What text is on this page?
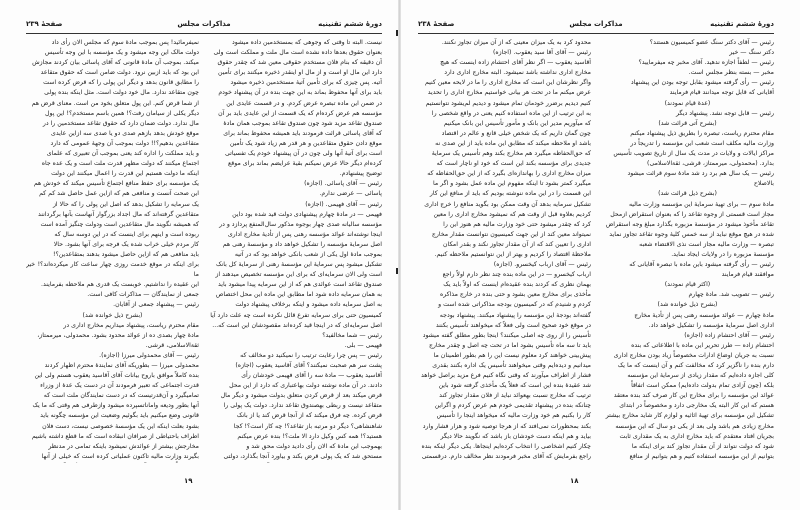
دورهٔ ششم تقنینیه
مذاکرات مجلس
صفحهٔ ۲۳۹

نیست. البته تا وقتی که وجوهی که بمستخدمین داده میشود

بعنوان حقوق بعدها داده نشده است مال ملت و مملکت است ولی

آن دقیقه که بنام فلان مستخدم حقوقی معین شد که چقدر حقوق

دارد این مال او است و از مال او اینقدر ذخیره میکنند برای تأمین

آتیه. پس چیزی که برای تأمین آتیهٔ مستخدمین ذخیره میشود

باید برای آنها محفوظ بماند به این جهت بنده در آن پیشنهاد خودم

در ضمن این ماده تبصره عرض کردم. و در قسمت عایدی این

مؤسسه هم عرض کرده‌ام که یک قسمت از این عایدی باید بر آن

صندوق تقاعد مزید شود چون صندوق تقاعد بموجب همان مادهٔ

که آقای پاسائی قرائت فرمودند باید همیشه محفوظ بماند برای

موقع دادن حقوق متقاعدین و هر قدر هم زیاد شود یک تأمین

است برای آتیهٔ آنها ولی چون در آن پیشنهاد خودم یک تفسیاتی

کرده‌ام دیگر حالا عرض نمیکنم بقیهٔ عرایضم بماند برای موقع

توضیح پیشنهادم.

رئیس — آقای پاسائی. (اجازه)

پاسائی — عرضی ندارم.

رئیس — آقای فهیمی. (اجازه)

فهیمی — در مادهٔ چهارم پیشنهادی دولت قید شده بود داین

مؤسسه سالیانه صدی چهار بوجوه مذکور سال‌المنفع پردازد و در

اینجا نوشته‌اند عوائد مؤسسه رهنی پس از تأدیهٔ مخارج اداری

اصل سرمایهٔ مؤسسه را تشکیل خواهد داد و مؤسسهٔ رهنی هم

بموجب مادهٔ اول یکی از شعب بانکی خواهد بود که در آتیه

تشکیل میشود پس سرمایهٔ این مؤسسهٔ رهنی از سرمایهٔ کل بانک

است ولی الان سرمایه‌ای که برای این مؤسسه تخصیص میدهند از

صندوق تقاعد است عوائدی هم که از این سرمایه پیدا میشود باید

به همان سرمایه داده شود اما مطابق این ماده این محل اختصاص

به اصل سرمایه داده میشود و اینکه برخلاف پیشنهاد دولت

کمیسیون حتی برای سرمایه تفرع قائل نکرده است چه علت دارد آیا

اصل سرمایه‌ای که در اینجا قید کرده‌اند مقصودشان این است که...

رئیس — شما مخالفید؟

فهیمی — بلی.

رئیس — پس چرا رعایت ترتیب را نمیکنید دو مخالف که

پشت سر هم صحبت نمیکنند؟ آقای آقاسید یعقوب (اجازه)

آقاسید یعقوب — مادهٔ سه را آقای فهیمی خودشان رأی

دادند. در آن ماده نوشته دولت بهاعتباری که دارد از این محل

قرض میکند بعد از قرض کردن متعلق بدولت میشود و دیگر مال

متقاعد نیست و ربطی بهصندوق تقاعد ندارد. دولت یک پولی را

قرض کرده. چه فرق میکند که از آنجا قرض کند یا از بانک

شاهنشاهی؟ دیگر دو مرتبه باز تقاعد؟! چه کار است؟! کجا

هستید؟! همه کس وکیل دارد الا ملت؟! بنده عرض میکنم

بهموجب این مادهٔ که الان رأی دادید دولت محق شد و

مستحق شد که یک پولی قرض بکند و بیاورد آنجا بگذارد، دولتی

نمیفرمائید! پس بموجب مادهٔ سوم که مجلس الان رأی داد

دولت مالک این وجه میشود و یک مؤسسه با این وجه تأسیس

میکند. بموجب آن مادهٔ قانونی که آقای پاسائی بیان کردند مجازش

این بود که باید ازبین نرود. دولت ضامن است که حقوق متقاعد

را مطابق قانون بدهد و دیگر این پولی را که قرض کرده است

چون متقاعد ندارد. مال خود دولت است. مثل اینکه بنده پولی

از شما قرض کنم. این پول متعلق بخود من است. معنای قرض هم

دیگر یکلی از سیامان رفت؟! همین باسم مستخدم؟! این پول

مال ندارد. دولت ضمان دارد که حقوق تقاعد مستخدمین را در

موقع خودش بدهد بازهم صدی دو یا صدی سه ازاین عایدی

متقاعدین بدهیم؟!! دولت بموجب آن وجههٔ عمومی که دارد

و باید مملکت را اداره کند یعنی بموجب آن تعبیری که علمای

اجتماع میکنند که دولت مظهر قدرت ملت است و یک عده جاه

اینکه ما دولت هستیم این قدرت را اعمال میکنند این دولت

یک مؤسسه برای حفظ منافع اجتماع تأسیس میکند که خودش هم

این صحت آنست و منافعی هم که ازاین عمل حاصل شد کم کم

یک سرمایه را تشکیل بدهد که اصل این پولی را که حالا از

متقاعدین گرفته‌اند که مال اجداد بزرگوار آنهاست بآنها برگردانند

که همیشه نگویند مال متقاعدین است ودولت چنگیز آمده است

ربوده است و اینهم برای اینست که در این دوسه سال که

کار مردم خیلی خراب شده یک فرجه برای آنها بشود. حالا

باید منافعی هم که ازاین حاصل میشود بدهند بمتقاعدین؟!

برای اینکه در موقع خدمت روزی چهار ساعت کار میکرده‌اند؟! خیر ما

این عقیده را نداشتیم. خوبست یک قدری هم ملاحظه بفرمایند.

جمعی از نمایندگان — مذاکرات کافی است.

رئیس — پیشنهاد جمعی از آقایان.

(بشرح ذیل خوانده شد)

مقام محترم ریاست، پیشنهاد میداریم مخارج اداری در

مادهٔ چهار بصدی ده از عوائد محدود بشود. محمدولی، میرممتاز،

ثقةالاسلامی، قرشی.

رئیس — آقای محمدولی میرزا (اجازه).

محمدولی میرزا — بطوریکه آقای نمایندهٔ محترم اظهار کردند

بنده کاملاً موافق باروح بیانات آقای آقاسید یعقوب هستم ولی این

قدرت اجتماعی که تعبیر فرمودند آن در دست یک عدهٔ از وزراء

تمامیگیرد و آن‌قدرتیست که در دست نمایندگان ملت است که

آنها بطور ودیعه واماناتسپرده میشود وازطرفی هم وقتی که ما یک

قانونی وضع میکنیم باید بگوئیم وضعیت این مؤسسه چگونه باید

بشود بعلت اینکه این یک مؤسسهٔ خصوصی نیست، دست فلان

اطراف باحتیاطی از صرافان انبقاده است که ما قطع داشته باشیم

مخارجش بیشتر از عوائدش نمیشود باینکه تمامی در مدنظر

بگیرند وزارت مالیه تاکنون عملیاتی کرده است که خیلی از آنها

۱۹
دورهٔ ششم تقنینیه
مذاکرات مجلس
صفحهٔ ۲۳۸

رئیس — آقای دکتر سنگ عضو کمیسیون هستند؟

دکتر سنگ — خیر

رئیس — لطفاً اجازه ندهید. آقای مخبر چه میفرمایید؟

مخبر — بسته بنظر مجلس است.

رئیس — رأی گرفته میشود بقابل توجه بودن این پیشنهاد

آقایانی که قابل توجه میدانند قیام فرمایند

(عدهٔ قیام نمودند)

رئیس — قابل توجه نشد. پیشنهاد دیگر

(بشرح آتی قرائت شد)

مقام محترم ریاست، تبصره را بطریق ذیل پیشنهاد میکنم

وزارت مالیه مکلف است شعب این مؤسسه را تدریجاً در

مراکز ایالات و ولایات در مدت یک سال از تاریخ تصویب تأسیس

بدارد. (محمدولی، میرممتاز، قرشی، ثقةالاسلامی)

رئیس — یک سال هم برد رد شد مادهٔ سوم قرائت میشود

بالاصلاح

(بشرح ذیل قرائت شد)

مادهٔ سوم — برای تهیهٔ سرمایهٔ این مؤسسه وزارت مالیه

مجاز است قسمتی از وجوه تقاعد را که بعنوان استقراض ازمحل

تقاعد مأخوذ میشود در مؤسسهٔ مزبوره بگذارد مبلغ وجه استقراض

شده در هیچ موقع نباید از سه خمس کلیهٔ وجوه تقاعد تجاوز نماید

تبصره — وزارت مالیه مجاز است نذی الاقتضاء شعبه

مؤسسهٔ مزبوره را در ولایات ایجاد نماید.

رئیس — رأی گرفته میشود باین ماده با تبصره آقایانی که

موافقند قیام فرمایند

(اکثر قیام نمودند)

رئیس — تصویب شد. مادهٔ چهارم

(بشرح ذیل خوانده شد)

مادهٔ چهارم — عوائد مؤسسه رهنی پس از تأدیهٔ مخارج

اداری اصل سرمایهٔ مؤسسه را تشکیل خواهد داد.

رئیس — آقای احتشام زاده (اجازه)

احتشام زاده — طرز تحریر این ماده با اطلاعاتی که بنده

نسبت به جریان اوضاع ادارات مخصوصاً زیاد بودن مخارج اداری

دارم بنده را ناگزیر کرد که مخالفت کنم و آن اینست که ما یک

کلی اجازه داده‌ایم که مقدار زیادی از سرمایهٔ این مؤسسه

بلکه (چون آزادی تمام بدولت داده‌ایم) ممکن است اتفاقاً

عوائد این مؤسسه را برای مخارج این کار صرف کند بنده معتقد

هستم که این کار البته یک مخارجی دارد و مخصوصاً در ابتدای

تشکیل این مؤسسه برای تهیهٔ اثاثیه و لوازم کار شاید مخارج بیشتر

مخارج زیادی هم باشد ولی بعد از یکی دو سال که این مؤسسه

بجریان افتاد معتقدم که باید مخارج اداری به یک مقداری ثابت

شود که دولت نتواند از آن مقدار تجاوز کند برای اینکه ما

بتوانیم از این مؤسسه استفاده کنیم و هم بتوانیم از منافع

محدود کرد به یک میزان معینی که از آن میزان تجاوز نکنند.

رئیس — آقای آقا سید یعقوب. (اجازه)

آقاسید یعقوب — اگر نظر آقای احتشام زاده اینست که هیچ

مخارج اداری نداشته باشد نمیشود. البته مخارج اداری دارد

واگر نظرشان این است که مخارج اداری را ما در لایحه معین کنیم

عرض میکنم ما در تحت هر بیانی خواستیم مخارج اداری را تحدید

کنیم دیدیم برضرر خودمان تمام میشود و دیدیم لم‌یشود نتوانستیم

به این ترتیب از این ماده استفاده کنیم یعنی در واقع شخصی را

که میآوریم مدیر این بانک و مأمور تأسیس این بانک میکنیم

چون گمان داریم که یک شخص خیلی قانع و عالم در اقتصاد

باشد او ملاحظه میکند که مطابق این ماده باید از این صدی نه

که حق‌الحفاظه میگیرد هم مخارج بکند وهم تأسیس یک سرمایهٔ

جدیدی برای مؤسسه بکند این است که خود او ناچار است که

میزان مخارج اداری را بهاندازه‌ای بگیرد که از این حق‌الحفاظه که

میگیرد کمتر بشود تا اینکه مفهوم این ماده عمل بشود و اگر ما

این قسمت را در این ماده ننوشته بودیم که باید از منافع این کار

تشکیل سرمایه بدهد آن وقت ممکن بود بگوید منافع را خرج اداری

کردیم بعلاوه قبل از وقت هم که نمیشود مخارج اداری را معین

کرد که چقدر میشود حتی خود وزارت مالیه هم هنوز این را

نمیتواند معین کند از این جهت کمیسیون نتوانست مقدار مخارج

اداری را تعیین کند که از آن مقدار تجاوز نکند و بقدر امکان

ملاحظهٔ اقتصاد را کردیم و بهتر از این نتوانستیم ملاحظه کنیم.

رئیس — آقای ارباب کیخسرو. (اجازه)

ارباب کیخسرو — در این ماده بنده چند نظر دارم اولاً راجع

بهمان نظری که کردند بنده عقیده‌ام اینست که اولاً باید یک

مأخذی برای مخارج معین بشود و حتی بنده در خارج مذاکره

کردم و شنیدم که در کمیسیون بودجه مذاکراتی شده است و

گفته‌اند بودجهٔ این مؤسسه را پیشنهاد میکنند. پیشنهاد بودجه

در موقع خود صحیح است ولی فعلاً که میخواهند تأسیس بکنند

تأسیس را از روی چه اصلی میکنند؟ اینجا بطور مطلق گفته میشود

باید تا سه ماه تأسیس بشود اما در تحت چه اصل و چقدر مخارج

پیش‌بینی خواهند کرد معلوم نیست این را هم بطور اطمینان ما

میدانیم و دیده‌ایم وقتی میخواهند تأسیس یک اداره بکنند بقدری

فشار از اطراف میآورند که وقتی نگاه کنیم فرع مزید براصل خواهد

شد عقیدهٔ بنده این است که فعلاً یک مأخذی گرفته شود باین

ترتیب که مخارج نسبت بهعوائد نباید از فلان مقدار تجاوز کند

چنانکه بنده در پیشنهاد تقدیمی خودم هم عرض کردم و اگراین

کار را بکنیم هم خود وزارت مالیه که میخواهد اینجا را تأسیس

بکند بمحظورات نمی‌افتد که از هرجا توصیه شود و هزار فشار وارد

بیاید و هم اینکه دست خودشان باز باشد که نگویند حالا دیگر

چکار کنیم اشخاصی را انتخاب کرده‌ایم اینجاها. یکی دیگر اینکه بنده

راجع بفرمایش که آقای مخبر فرمودند نظر مخالف دارم. درقسمتی

۱۸
